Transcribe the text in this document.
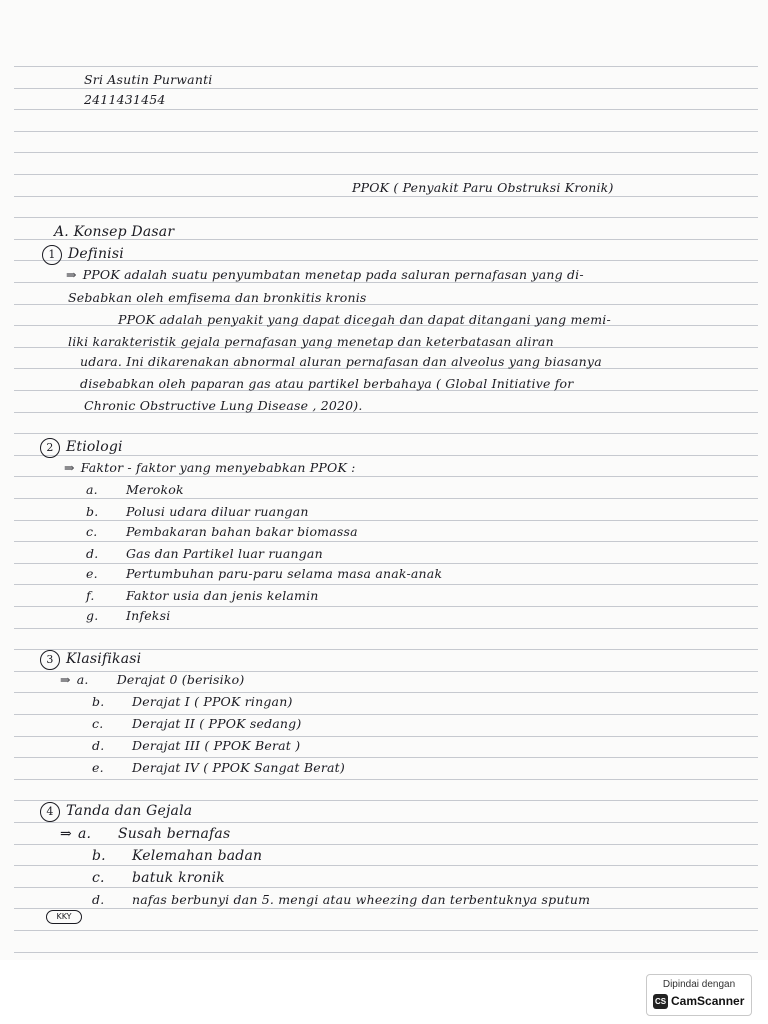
Sri Asutin Purwanti
2411431454
PPOK ( Penyakit Paru Obstruksi Kronik)
A. Konsep Dasar
1 Definisi
⇒ PPOK adalah suatu penyumbatan menetap pada saluran pernafasan yang di-
Sebabkan oleh emfisema dan bronkitis kronis
PPOK adalah penyakit yang dapat dicegah dan dapat ditangani yang memi-
liki karakteristik gejala pernafasan yang menetap dan keterbatasan aliran
udara. Ini dikarenakan abnormal aluran pernafasan dan alveolus yang biasanya
disebabkan oleh paparan gas atau partikel berbahaya ( Global Initiative for
Chronic Obstructive Lung Disease , 2020).
2 Etiologi
⇒ Faktor - faktor yang menyebabkan PPOK :
a. Merokok
b. Polusi udara diluar ruangan
c. Pembakaran bahan bakar biomassa
d. Gas dan Partikel luar ruangan
e. Pertumbuhan paru-paru selama masa anak-anak
f.	Faktor usia dan jenis kelamin
g. Infeksi
3 Klasifikasi
⇒ a. Derajat 0 (berisiko)
b. Derajat I ( PPOK ringan)
c. Derajat II ( PPOK sedang)
d. Derajat III ( PPOK Berat )
e. Derajat IV ( PPOK Sangat Berat)
4 Tanda dan Gejala
⇒ a. Susah bernafas
b. Kelemahan badan
c. batuk kronik
d. nafas berbunyi dan 5. mengi atau wheezing dan terbentuknya sputum
KKY
Dipindai dengan
CS CamScanner
